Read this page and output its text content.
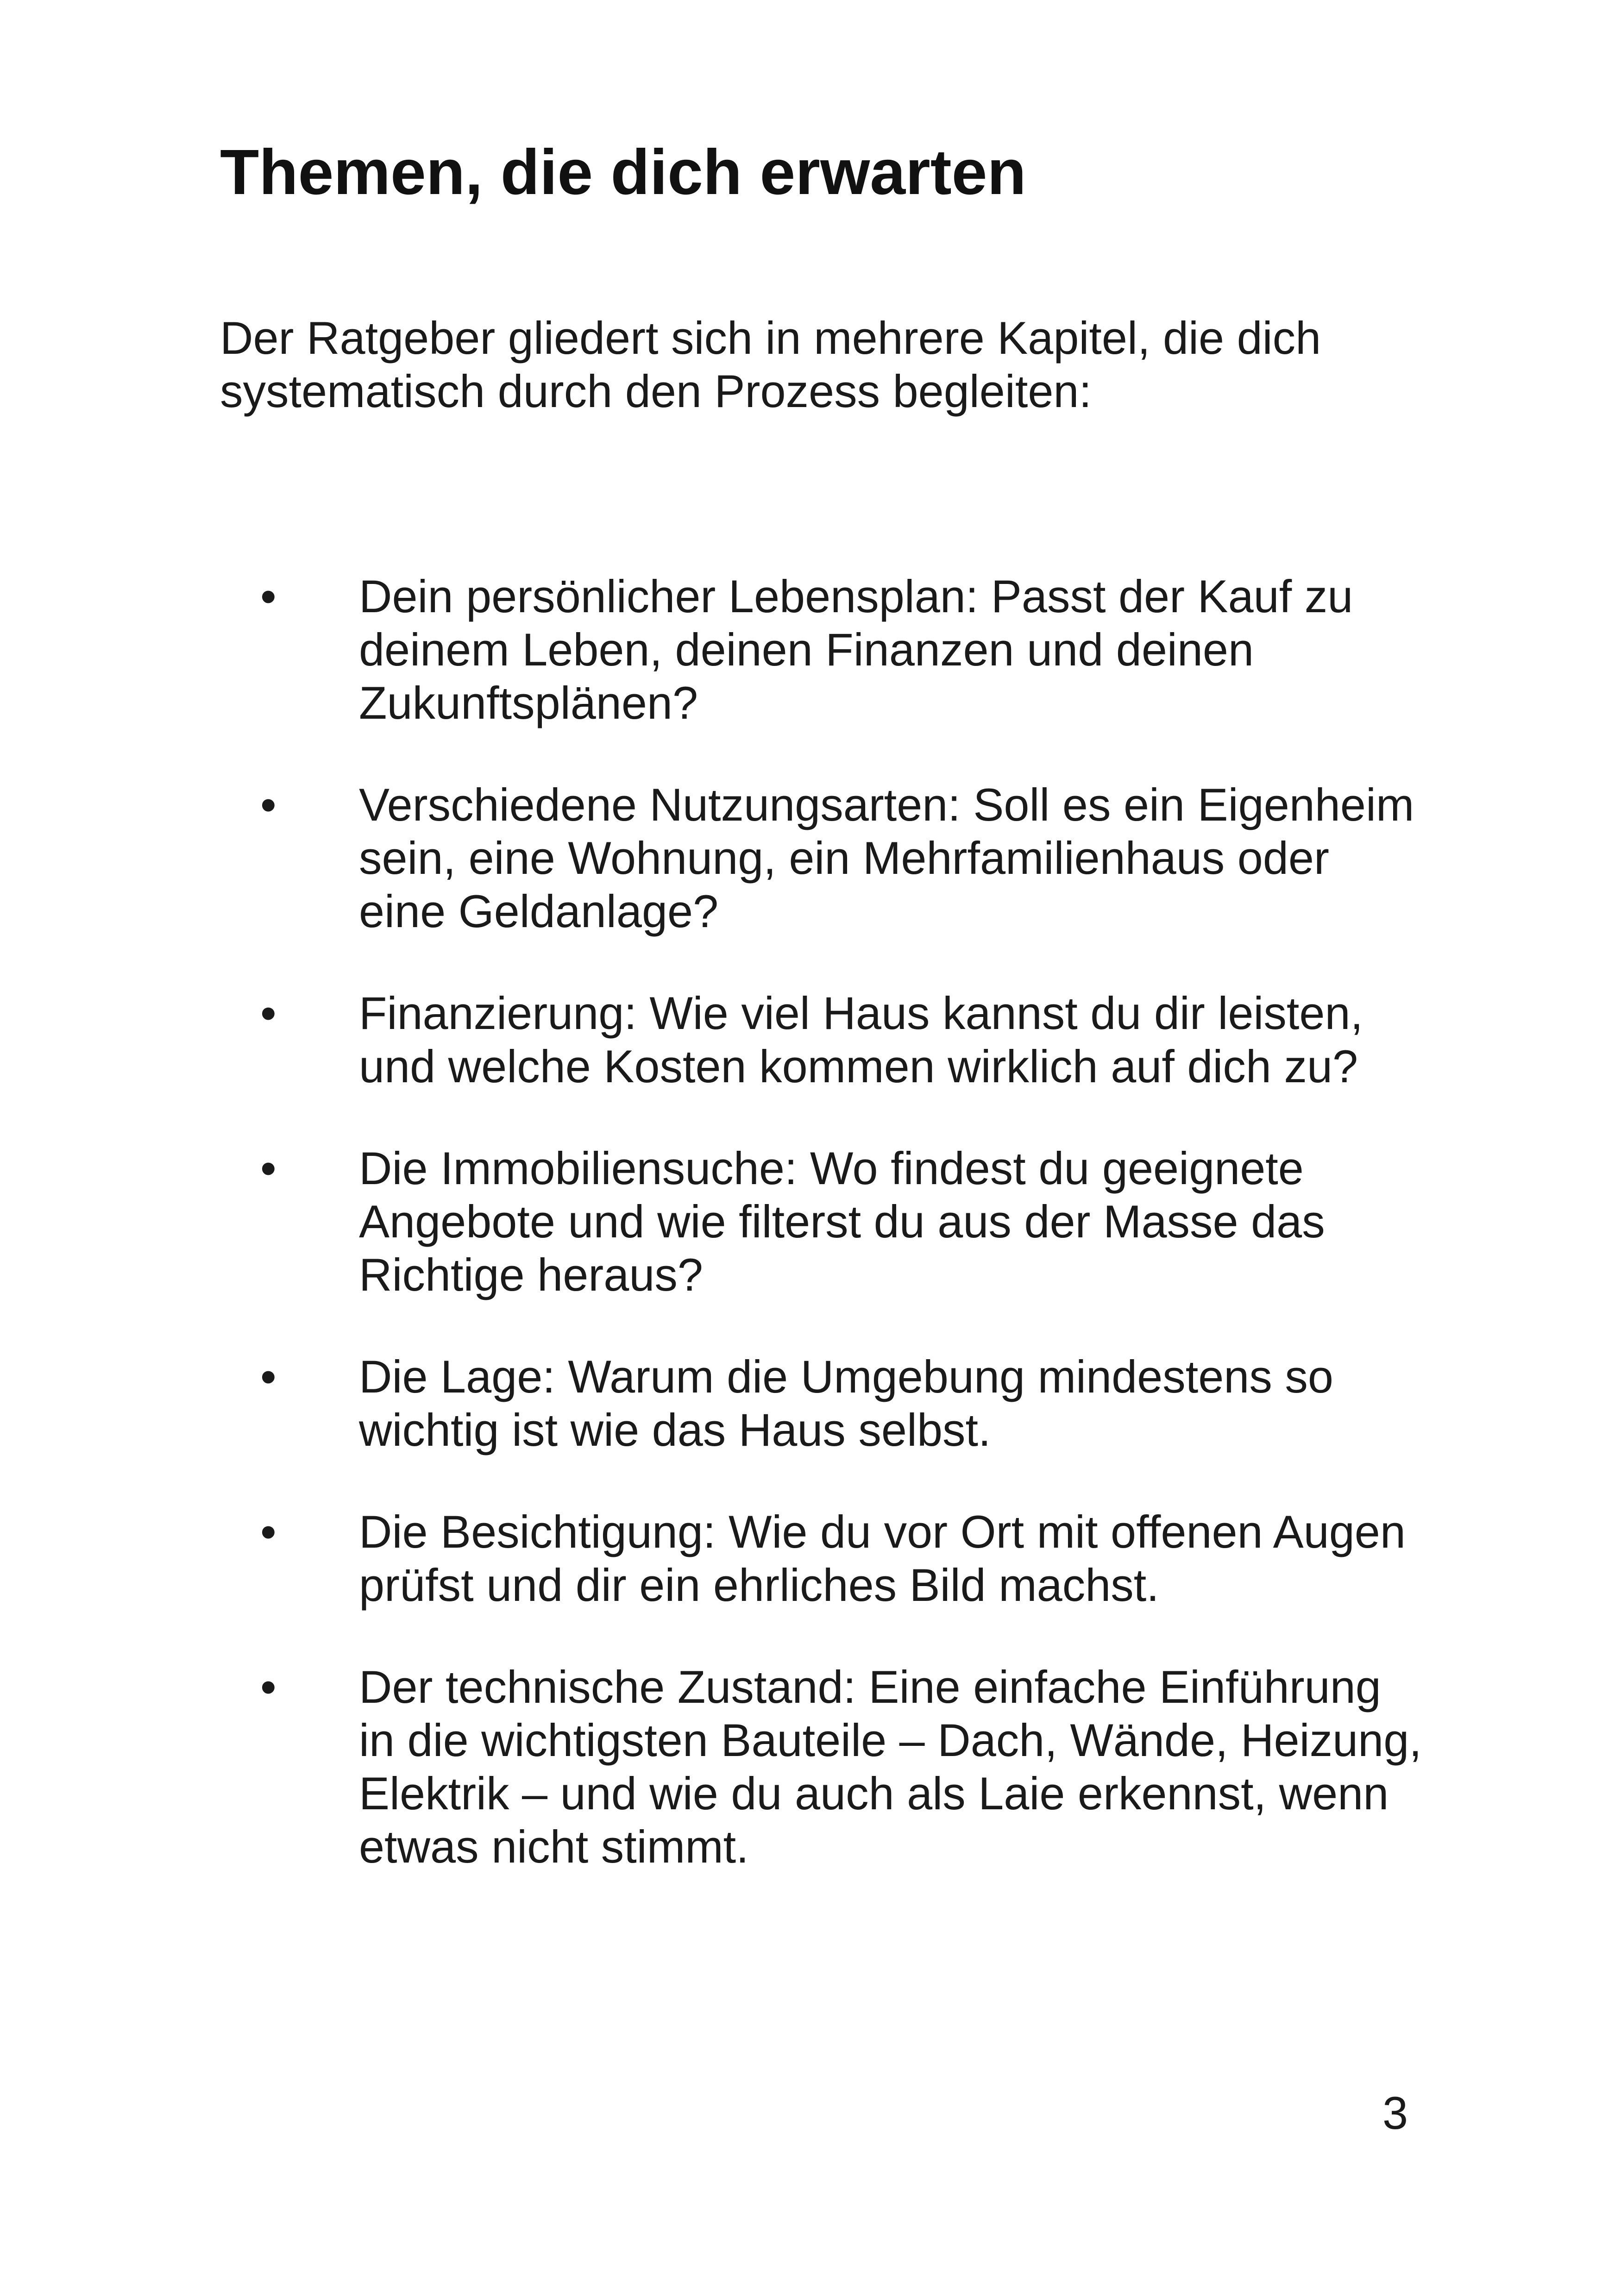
Themen, die dich erwarten

Der Ratgeber gliedert sich in mehrere Kapitel, die dich systematisch durch den Prozess begleiten:

• Dein persönlicher Lebensplan: Passt der Kauf zu deinem Leben, deinen Finanzen und deinen Zukunftsplänen?
• Verschiedene Nutzungsarten: Soll es ein Eigenheim sein, eine Wohnung, ein Mehrfamilienhaus oder eine Geldanlage?
• Finanzierung: Wie viel Haus kannst du dir leisten, und welche Kosten kommen wirklich auf dich zu?
• Die Immobiliensuche: Wo findest du geeignete Angebote und wie filterst du aus der Masse das Richtige heraus?
• Die Lage: Warum die Umgebung mindestens so wichtig ist wie das Haus selbst.
• Die Besichtigung: Wie du vor Ort mit offenen Augen prüfst und dir ein ehrliches Bild machst.
• Der technische Zustand: Eine einfache Einführung in die wichtigsten Bauteile – Dach, Wände, Heizung, Elektrik – und wie du auch als Laie erkennst, wenn etwas nicht stimmt.
3
